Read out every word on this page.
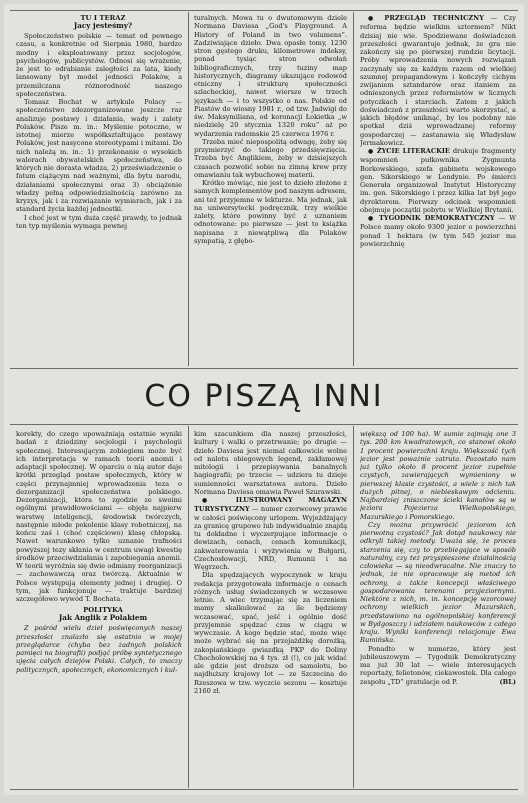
TU I TERAZ

Jacy jesteśmy?

Społeczeństwo polskie — temat od pewnego czasu, a konkretnie od Sierpnia 1980, bardzo modny i eksploatowany przez socjologów, psychologów, publicystów. Odnosi się wrażenie, że jest to odrabianie zaległości za lata, kiedy lansowany był model jedności Polaków, a przemilczana różnorodność naszego społeczeństwa.

Tomasz Bochat w artykule Polacy — społeczeństwo zdezorganizowane jeszcze raz analizuje postawy i działania, wady i zalety Polaków. Pisze m. in.: Myślenie potoczne, w istotnej mierze współkształtujące postawy Polaków, jest nasycone stereotypami i mitami. Do nich należą m. in.: 1) przekonanie o wysokich walorach obywatelskich społeczeństwa, do których nie dorasta władza, 2) przeświadczenie o fatum ciążącym nad ważnymi, dla bytu narodu, działaniami społecznymi oraz 3) obciążenie władzy pełną odpowiedzialnością zarówno za kryzys, jak i za rozwiązanie wymiarach, jak i za standard życia każdej jednostki.

I choć jest w tym duża część prawdy, to jednak ten typ myślenia wymaga pewnej

turalnych. Mowa tu o dwutomowym dziele Normana Daviesa „God's Playground. A History of Poland in two volumens”. Zadziwiające dzieło. Dwa opasłe tomy, 1230 stron gęstego druku, kilometrowe indeksy, ponad tysiąc stron odwołań bibliograficznych, trzy tuziny map historycznych, diagramy ukazujące rodowód etniczny i strukturę społeczności szlacheckiej, nawet wiersze w trzech językach — i to wszystko o nas. Polskie od Piastów do wiosny 1981 r., od tzw. Jadwigi do św. Maksymiliana, od koronacji Łokietka „w niedzielę 20 stycznia 1320 roku” aż po wydarzenia radomskie 25 czerwca 1976 r.

Trzeba mieć niepospolitą odwagę, żeby się przymierzyć do takiego przedsięwzięcia. Trzeba być Anglikiem, żeby w dzisiejszych czasach pozwolić sobie na zimną krew przy omawianiu tak wybuchowej materii.

Krótko mówiąc, nie jest to dzieło złożone z samych komplementów pod naszym adresem, ani też przyjemne w lekturze. Ma jednak, jak na uniwersytecki podręcznik, trzy wielkie zalety, które powinny być z uznaniem odnotowane: po pierwsze — jest to książka napisana z niewątpliwą dla Polaków sympatią, z głębo-

● PRZEGLĄD TECHNICZNY — Czy reforma będzie wielkim sztormem? Nikt dzisiaj nie wie. Spodziewane doświadczeń przeszłości gwarantuje jednak, że gra nie zakończy się po pierwszej rundzie licytacji. Próby wprowadzenia nowych rozwiązań zaczynały się za każdym razem od wielkiej szumnej propagandowym i kończyły cichym zwijaniem sztandarów oraz itaniem za odnieszonych przez reformistów w licznych potyczkach i starciach. Zatem z jakich doświadczeń z przeszłości warto skorzystać, a jakich błędów uniknąć, by los podobny nie spotkał dziś wprowadzanej reformy gospodarczej — zastanawia się Władysław Jermakowicz.

● ŻYCIE LITERACKIE drukuje fragmenty wspomnień pułkownika Zygmunta Borkowskiego, szefa gabinetu wojskowego gen. Sikorskiego w Londynie. Po śmierci Generała organizował Instytut Historyczny im. gen. Sikorskiego i przez kilka lat był jego dyrektorem. Pierwszy odcinek wspomnień obejmuje początki pobytu w Wielkiej Brytanii.

● TYGODNIK DEMOKRATYCZNY — W Polsce mamy około 9300 jezior o powierzchni ponad 1 hektara (w tym 545 jezior ma powierzchnię

CO PISZĄ INNI

korekty, do czego upoważniają ostatnie wyniki badań z dziedziny socjologii i psychologii społecznej. Interesującym zobiegiem może być ich interpretacja w ramach teorii anomii i adaptacji społecznej. W oparciu o nią autor daje krótki przegląd postaw społecznych, który w części przynajmniej wprowadzenia teza o dezorganizacji społeczeństwa polskiego. Dezorganizacji, która to zgodzie ze swoimi ogólnymi prawidłowościami — objęła najpierw warstwę inteligencji, środowisk twórczych, następnie młode pokolenie klasy robotniczej, na końcu zaś i (choć częściowo) klasę chłopską. Nawet warunkowo tylko uznanie trafności powyższej tezy skłania w centrum uwagi kwestię środków przeciwdziałania i zapobiegania anomii. W teorii wyróżnia się dwie odmiany reorganizacji — zachowawczą oraz twórczą. Aktualnie w Polsce występują elementy jednej i drugiej. O tym, jak funkcjonuje — traktuje bardziej szczegółowo wywód T. Bochata.

POLITYKA

Jak Anglik z Polakiem

Z pośród wielu dzieł poświęconych naszej przeszłości znalazło się ostatnio w mojej przeglądarce (chyba bez żadnych polskich pamięci na biografii) podjąć próbę syntetycznego ujęcia całych dziejów Polski. Całych, to znaczy politycznych, społecznych, ekonomicznych i kul-

kim szacunkiem dla naszej przeszłości, kultury i walki o przetrwanie; po drugie — dzieło Daviesa jest niemal całkowicie wolne od nalotu obiegowych legend, zakłamowej mitologii i przepisywania banalnych hagiografii; po trzecie — udziera tu dzieje sumienności warsztatowa autora. Dzieło Normana Daviesa omawia Paweł Szurawski.

● ILUSTROWANY MAGAZYN TURYSTYCZNY — numer czerwcowy prawie w całości poświęcony urlopom. Wyjeżdżający za granicę grupowo lub indywidualnie znajdą tu dokładne i wyczerpujące informacje o dewizach, cenach, cenach komunikacji, zakwaterowania i wyżywienia w Bułgarii, Czechosłowacji, NRD, Rumunii i na Węgrzech.

Dla spędzających wypoczynek w kraju redakcja przygotowała informacje o cenach różnych usług świadczonych w wczasowe letnie. A wiec trzymając się za liczeniem mamy skalkulować za ile będziemy wczasować, spać, jeść i ogólnie dość przyjemnie spędzać czas w ciągu w wywczasie. A kogo będzie stać, może więc może wybrać się na przejażdżkę dorożką, zakopiańskiego gwiazdką PKP do Doliny Chocholowskiej na 4 tys. zł (!), co jak widać ale gdzie jest droższe od samolotu, bo najdłuższy krajowy lot — ze Szczecina do Rzeszowa w tzw. wyczcie sezonu — kosztuje 2160 zł.

większą od 100 ha). W sumie zajmują one 3 tys. 200 km kwadratowych, co stanowi około 1 procent powierzchni kraju. Większość tych jezior jest poważnie zatruta. Pozostało nam już tylko około 8 procent jezior zupełnie czystych, zawierających wymieniony w pierwszej klasie czystości, a wiele z nich tak dużych pitnej, o niebieskawym odcieniu. Najbardziej zniszczone ścieki kanałów są w jeziora Pojezierza Wielkopolskiego, Mazurskiego i Pomorskiego.

Czy można przywrócić jeziorom ich pierwotną czystość? Jak dotąd naukowcy nie odkryli takiej metody. Uważa się, że proces starzenia się, czy to przebiegające w sposób naturalny, czy też przyspieszone działalnością człowieka — są nieodwracalne. Nie znaczy to jednak, że nie opracowuje się metod ich ochrony, a także koncepcji właściwego gospodarowania terenami przyjeziornymi. Niektóre z nich, m. in. koncepcję wzorcowej ochrony wielkich jezior Mazurskich, przedstawiono na ogólnopolskiej konferencji w Bydgoszczy i udziałem naukowców z całego kraju. Wyniki konferencji relacjonuje Ewa Rumińska.

Ponadto w numerze, który jest jubileuszowym — Tygodnik Demokratyczny ma już 30 lat — wiele interesujących reportaży, felietonów, ciekawostek. Dla całego zespołu „TD” gratulacje od P.	(BL)
